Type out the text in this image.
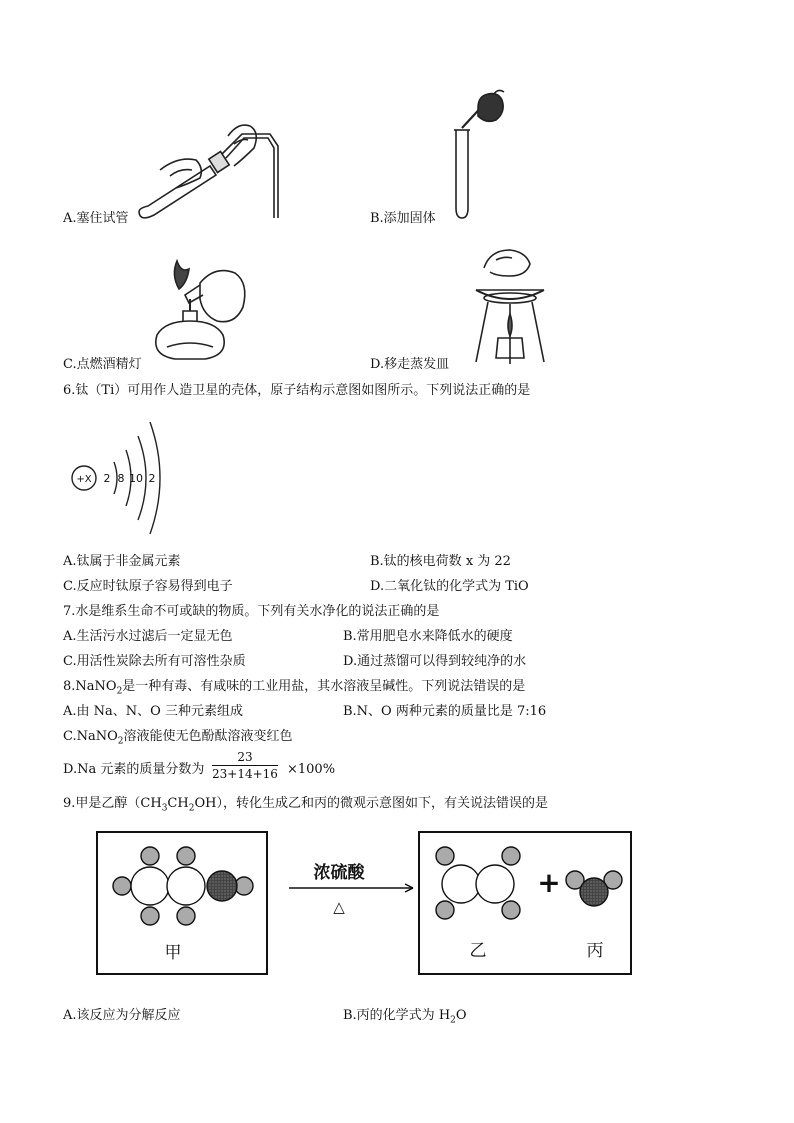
A.塞住试管	B.添加固体
C.点燃酒精灯	D.移走蒸发皿
6.钛（Ti）可用作人造卫星的壳体，原子结构示意图如图所示。下列说法正确的是
+X 2 8 10 2
A.钛属于非金属元素	B.钛的核电荷数 x 为 22
C.反应时钛原子容易得到电子	D.二氧化钛的化学式为 TiO
7.水是维系生命不可或缺的物质。下列有关水净化的说法正确的是
A.生活污水过滤后一定显无色	B.常用肥皂水来降低水的硬度
C.用活性炭除去所有可溶性杂质	D.通过蒸馏可以得到较纯净的水
8.NaNO$_2$是一种有毒、有咸味的工业用盐，其水溶液呈碱性。下列说法错误的是
A.由 Na、N、O 三种元素组成	B.N、O 两种元素的质量比是 7:16
C.NaNO$_2$溶液能使无色酚酞溶液变红色
D.Na 元素的质量分数为 $\frac{23}{23+14+16} \times 100\%$
9.甲是乙醇$(CH_3CH_2OH)$，转化生成乙和丙的微观示意图如下，有关说法错误的是
甲
浓硫酸
△
+
乙	丙
A.该反应为分解反应	B.丙的化学式为 $H_2O$
